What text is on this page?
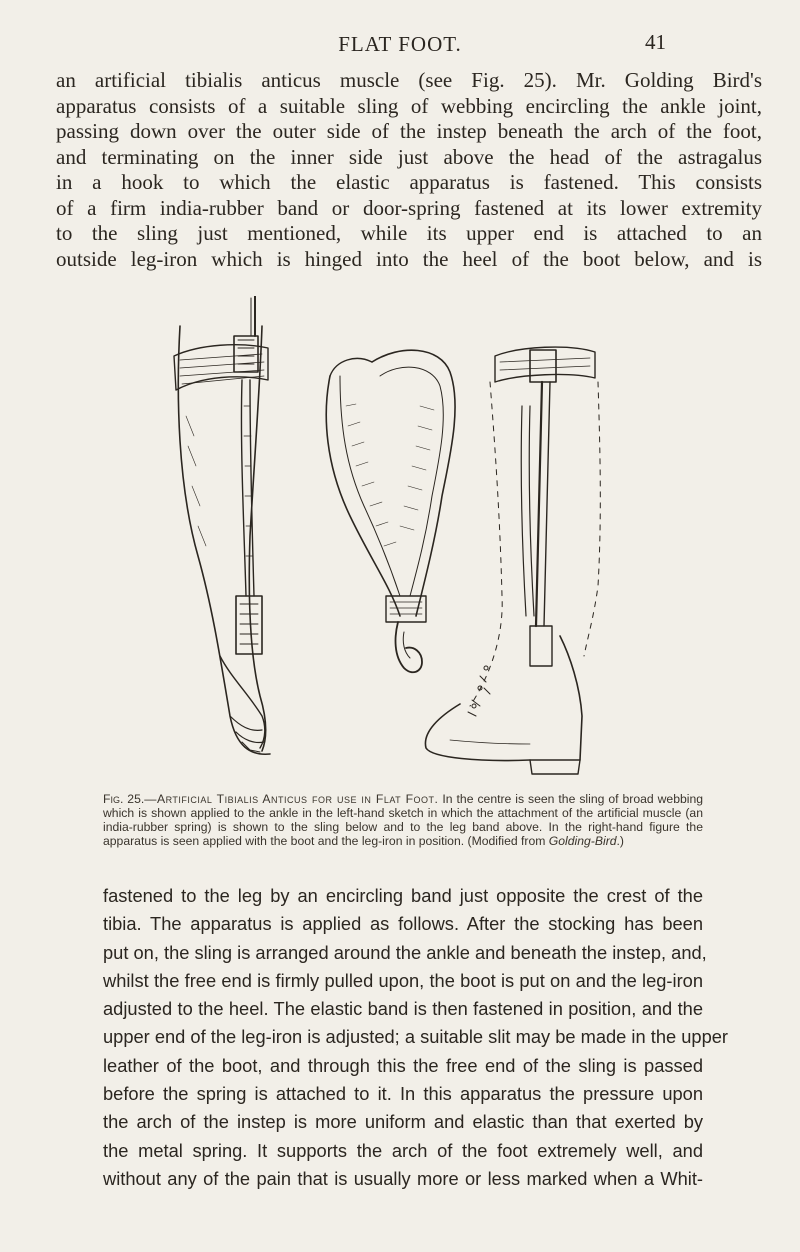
FLAT FOOT.	41
an artificial tibialis anticus muscle (see Fig. 25). Mr. Golding Bird's
apparatus consists of a suitable sling of webbing encircling the ankle joint,
passing down over the outer side of the instep beneath the arch of the foot,
and terminating on the inner side just above the head of the astragalus
in a hook to which the elastic apparatus is fastened. This consists
of a firm india-rubber band or door-spring fastened at its lower extremity
to the sling just mentioned, while its upper end is attached to an
outside leg-iron which is hinged into the heel of the boot below, and is
Fig. 25.—Artificial Tibialis Anticus for use in Flat Foot. In the centre is seen the sling of broad webbing which is shown applied to the ankle in the left-hand sketch in which the attachment of the artificial muscle (an india-rubber spring) is shown to the sling below and to the leg band above. In the right-hand figure the apparatus is seen applied with the boot and the leg-iron in position. (Modified from Golding-Bird.)
fastened to the leg by an encircling band just opposite the crest of the
tibia. The apparatus is applied as follows. After the stocking has been
put on, the sling is arranged around the ankle and beneath the instep, and,
whilst the free end is firmly pulled upon, the boot is put on and the leg-iron
adjusted to the heel. The elastic band is then fastened in position, and the
upper end of the leg-iron is adjusted; a suitable slit may be made in the upper
leather of the boot, and through this the free end of the sling is passed
before the spring is attached to it. In this apparatus the pressure upon
the arch of the instep is more uniform and elastic than that exerted by
the metal spring. It supports the arch of the foot extremely well, and
without any of the pain that is usually more or less marked when a Whit-
